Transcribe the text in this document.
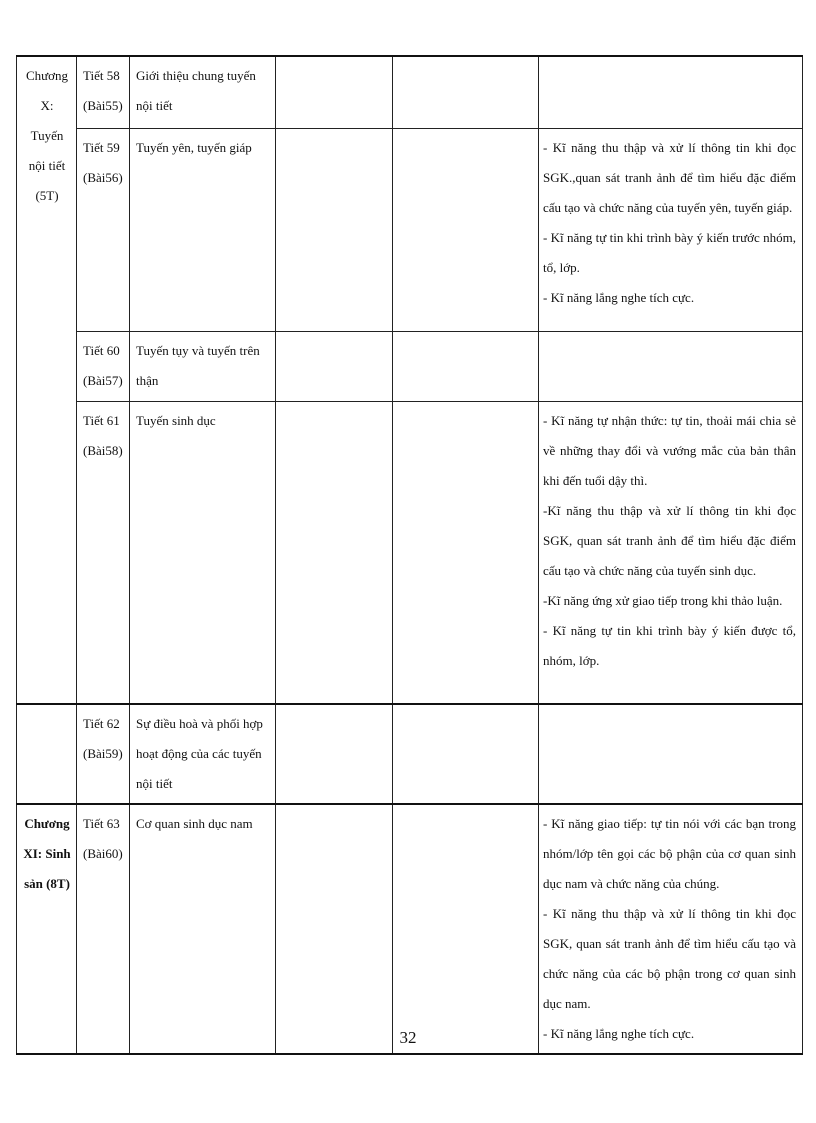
Chương X: Tuyến nội tiết (5T)	Tiết 58 (Bài55)	Giới thiệu chung tuyến nội tiết			
	Tiết 59 (Bài56)	Tuyến yên, tuyến giáp			- Kĩ năng thu thập và xử lí thông tin khi đọc SGK.,quan sát tranh ảnh để tìm hiểu đặc điểm cấu tạo và chức năng của tuyến yên, tuyến giáp.
- Kĩ năng tự tin khi trình bày ý kiến trước nhóm, tổ, lớp.
- Kĩ năng lắng nghe tích cực.

	Tiết 60 (Bài57)	Tuyến tụy và tuyến trên thận			
	Tiết 61 (Bài58)	Tuyến sinh dục			- Kĩ năng tự nhận thức: tự tin, thoải mái chia sẻ về những thay đổi và vướng mắc của bản thân khi đến tuổi dậy thì.
-Kĩ năng thu thập và xử lí thông tin khi đọc SGK, quan sát tranh ảnh để tìm hiểu đặc điểm cấu tạo và chức năng của tuyến sinh dục.
-Kĩ năng ứng xử giao tiếp trong khi thảo luận.
- Kĩ năng tự tin khi trình bày ý kiến được tổ, nhóm, lớp.

	Tiết 62 (Bài59)	Sự điều hoà và phối hợp hoạt động của các tuyến nội tiết			
Chương XI: Sinh sản (8T)	Tiết 63 (Bài60)	Cơ quan sinh dục nam			- Kĩ năng giao tiếp: tự tin nói với các bạn trong nhóm/lớp tên gọi các bộ phận của cơ quan sinh dục nam và chức năng của chúng.
- Kĩ năng thu thập và xử lí thông tin khi đọc SGK, quan sát tranh ảnh để tìm hiểu cấu tạo và chức năng của các bộ phận trong cơ quan sinh dục nam.
- Kĩ năng lắng nghe tích cực.
32
